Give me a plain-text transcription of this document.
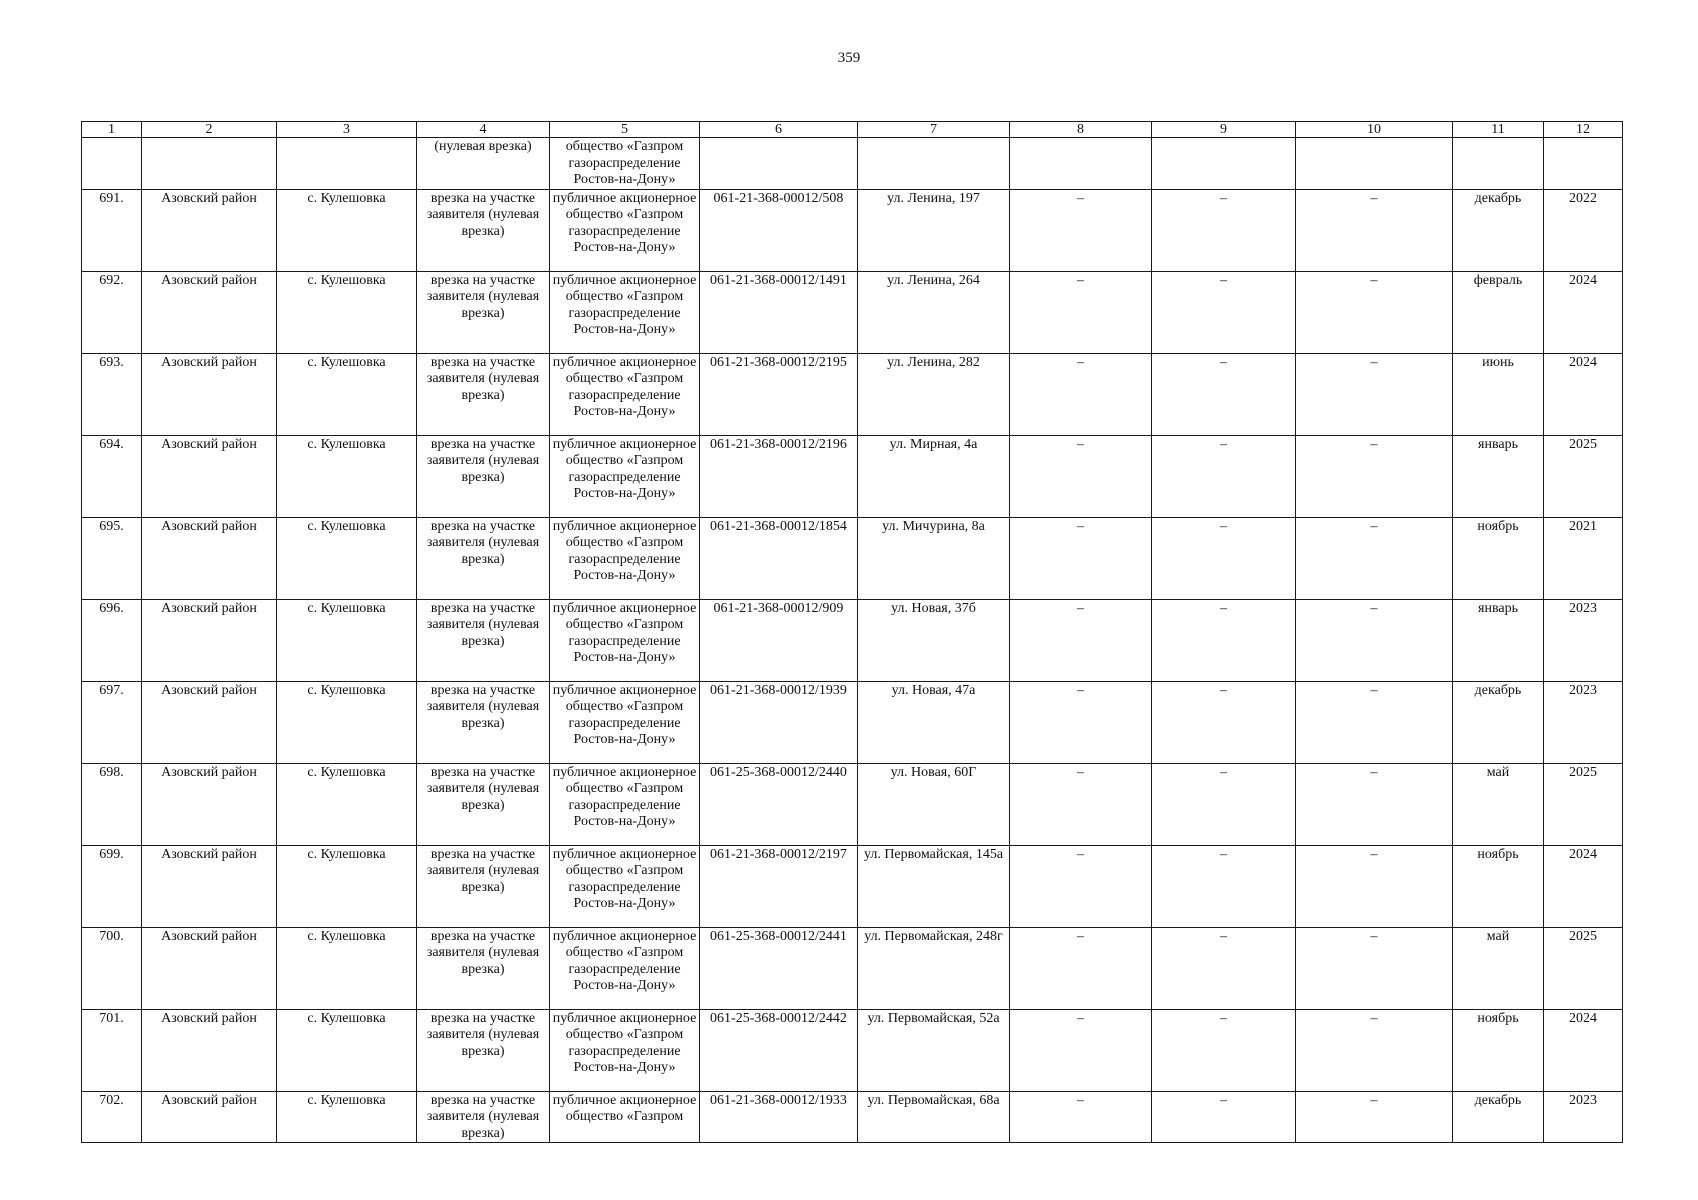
359
1	2	3	4	5	6	7	8	9	10	11	12
			(нулевая врезка)	общество «Газпром газораспределение Ростов-на-Дону»							
691.	Азовский район	с. Кулешовка	врезка на участке заявителя (нулевая врезка)	публичное акционерное общество «Газпром газораспределение Ростов-на-Дону»	061-21-368-00012/508	ул. Ленина, 197	–	–	–	декабрь	2022
692.	Азовский район	с. Кулешовка	врезка на участке заявителя (нулевая врезка)	публичное акционерное общество «Газпром газораспределение Ростов-на-Дону»	061-21-368-00012/1491	ул. Ленина, 264	–	–	–	февраль	2024
693.	Азовский район	с. Кулешовка	врезка на участке заявителя (нулевая врезка)	публичное акционерное общество «Газпром газораспределение Ростов-на-Дону»	061-21-368-00012/2195	ул. Ленина, 282	–	–	–	июнь	2024
694.	Азовский район	с. Кулешовка	врезка на участке заявителя (нулевая врезка)	публичное акционерное общество «Газпром газораспределение Ростов-на-Дону»	061-21-368-00012/2196	ул. Мирная, 4а	–	–	–	январь	2025
695.	Азовский район	с. Кулешовка	врезка на участке заявителя (нулевая врезка)	публичное акционерное общество «Газпром газораспределение Ростов-на-Дону»	061-21-368-00012/1854	ул. Мичурина, 8а	–	–	–	ноябрь	2021
696.	Азовский район	с. Кулешовка	врезка на участке заявителя (нулевая врезка)	публичное акционерное общество «Газпром газораспределение Ростов-на-Дону»	061-21-368-00012/909	ул. Новая, 37б	–	–	–	январь	2023
697.	Азовский район	с. Кулешовка	врезка на участке заявителя (нулевая врезка)	публичное акционерное общество «Газпром газораспределение Ростов-на-Дону»	061-21-368-00012/1939	ул. Новая, 47а	–	–	–	декабрь	2023
698.	Азовский район	с. Кулешовка	врезка на участке заявителя (нулевая врезка)	публичное акционерное общество «Газпром газораспределение Ростов-на-Дону»	061-25-368-00012/2440	ул. Новая, 60Г	–	–	–	май	2025
699.	Азовский район	с. Кулешовка	врезка на участке заявителя (нулевая врезка)	публичное акционерное общество «Газпром газораспределение Ростов-на-Дону»	061-21-368-00012/2197	ул. Первомайская, 145а	–	–	–	ноябрь	2024
700.	Азовский район	с. Кулешовка	врезка на участке заявителя (нулевая врезка)	публичное акционерное общество «Газпром газораспределение Ростов-на-Дону»	061-25-368-00012/2441	ул. Первомайская, 248г	–	–	–	май	2025
701.	Азовский район	с. Кулешовка	врезка на участке заявителя (нулевая врезка)	публичное акционерное общество «Газпром газораспределение Ростов-на-Дону»	061-25-368-00012/2442	ул. Первомайская, 52а	–	–	–	ноябрь	2024
702.	Азовский район	с. Кулешовка	врезка на участке заявителя (нулевая врезка)	публичное акционерное общество «Газпром	061-21-368-00012/1933	ул. Первомайская, 68а	–	–	–	декабрь	2023
